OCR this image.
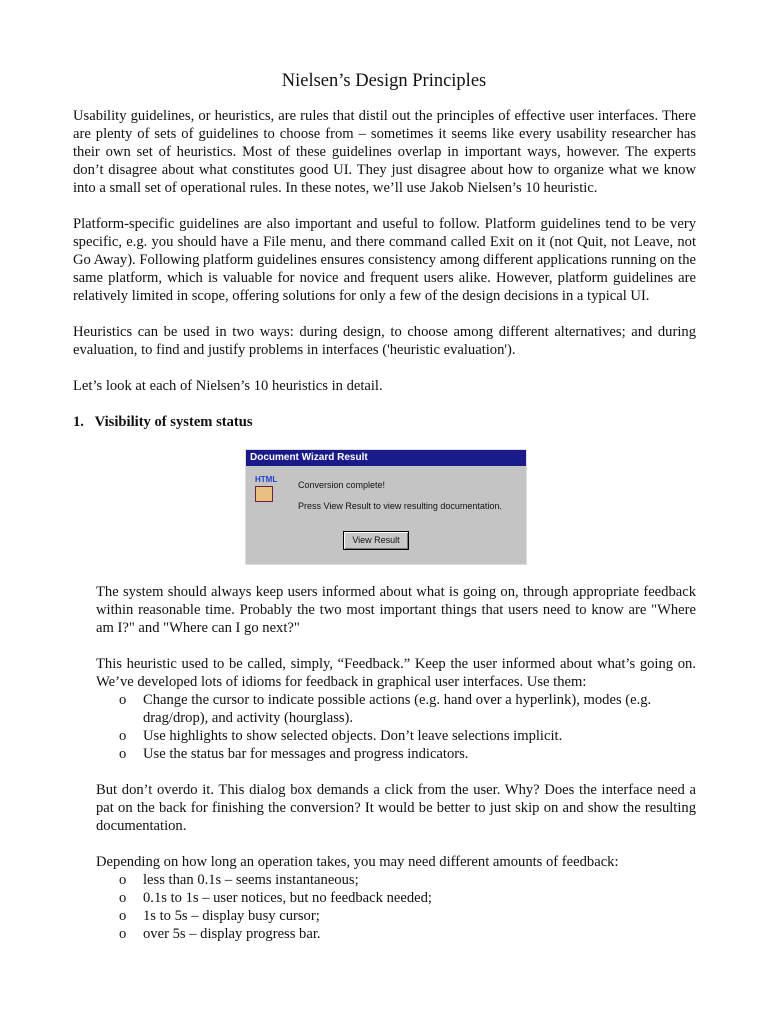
Nielsen’s Design Principles

Usability guidelines, or heuristics, are rules that distil out the principles of effective user interfaces. There are plenty of sets of guidelines to choose from – sometimes it seems like every usability researcher has their own set of heuristics. Most of these guidelines overlap in important ways, however. The experts don’t disagree about what constitutes good UI. They just disagree about how to organize what we know into a small set of operational rules. In these notes, we’ll use Jakob Nielsen’s 10 heuristic.

Platform-specific guidelines are also important and useful to follow. Platform guidelines tend to be very specific, e.g. you should have a File menu, and there command called Exit on it (not Quit, not Leave, not Go Away). Following platform guidelines ensures consistency among different applications running on the same platform, which is valuable for novice and frequent users alike. However, platform guidelines are relatively limited in scope, offering solutions for only a few of the design decisions in a typical UI.

Heuristics can be used in two ways: during design, to choose among different alternatives; and during evaluation, to find and justify problems in interfaces ('heuristic evaluation').

Let’s look at each of Nielsen’s 10 heuristics in detail.

1.   Visibility of system status
Document Wizard Result
HTML
Conversion complete!
Press View Result to view resulting documentation.
View Result

The system should always keep users informed about what is going on, through appropriate feedback within reasonable time. Probably the two most important things that users need to know are "Where am I?" and "Where can I go next?"

This heuristic used to be called, simply, “Feedback.” Keep the user informed about what’s going on. We’ve developed lots of idioms for feedback in graphical user interfaces. Use them:

o Change the cursor to indicate possible actions (e.g. hand over a hyperlink), modes (e.g. drag/drop), and activity (hourglass).
o Use highlights to show selected objects. Don’t leave selections implicit.
o Use the status bar for messages and progress indicators.

But don’t overdo it. This dialog box demands a click from the user. Why? Does the interface need a pat on the back for finishing the conversion? It would be better to just skip on and show the resulting documentation.

Depending on how long an operation takes, you may need different amounts of feedback:

o less than 0.1s – seems instantaneous;
o 0.1s to 1s – user notices, but no feedback needed;
o 1s to 5s – display busy cursor;
o over 5s – display progress bar.
